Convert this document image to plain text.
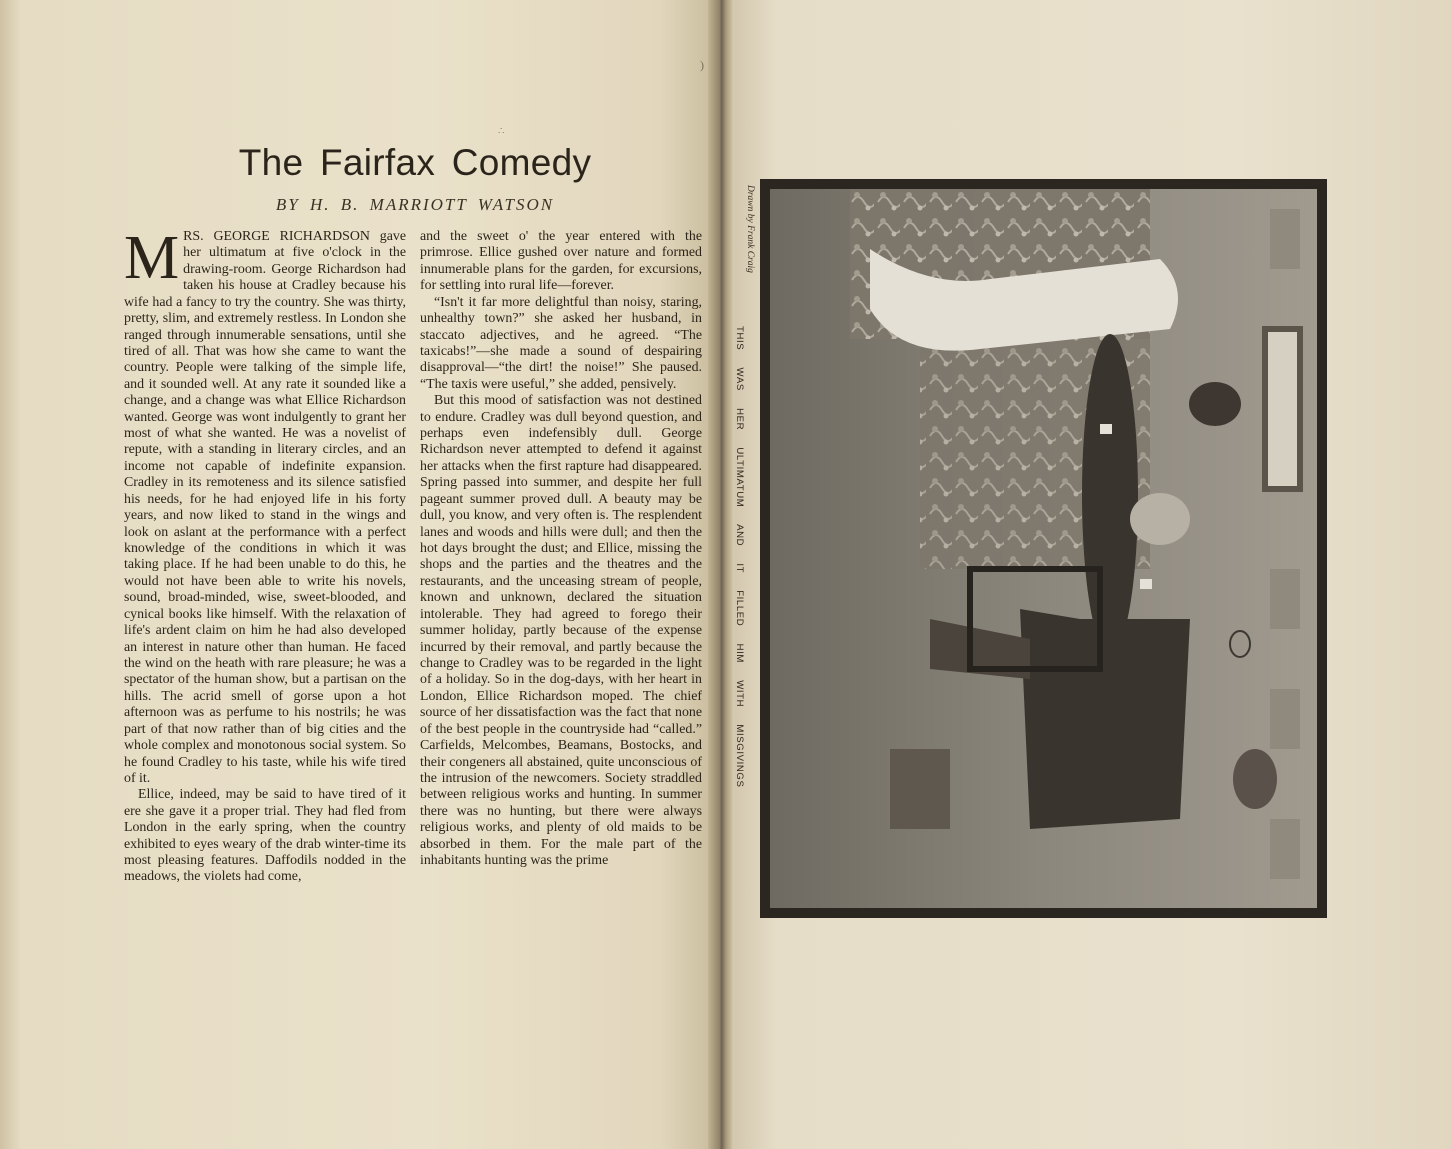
∴
The Fairfax Comedy
BY H. B. MARRIOTT WATSON

MRS. GEORGE RICHARDSON gave her ultimatum at five o'clock in the drawing-room. George Richardson had taken his house at Cradley because his wife had a fancy to try the country. She was thirty, pretty, slim, and extremely restless. In London she ranged through innumerable sensations, until she tired of all. That was how she came to want the country. People were talking of the simple life, and it sounded well. At any rate it sounded like a change, and a change was what Ellice Richardson wanted. George was wont indulgently to grant her most of what she wanted. He was a novelist of repute, with a standing in literary circles, and an income not capable of indefinite expansion. Cradley in its remoteness and its silence satisfied his needs, for he had enjoyed life in his forty years, and now liked to stand in the wings and look on aslant at the performance with a perfect knowledge of the conditions in which it was taking place. If he had been unable to do this, he would not have been able to write his novels, sound, broad-minded, wise, sweet-blooded, and cynical books like himself. With the relaxation of life's ardent claim on him he had also developed an interest in nature other than human. He faced the wind on the heath with rare pleasure; he was a spectator of the human show, but a partisan on the hills. The acrid smell of gorse upon a hot afternoon was as perfume to his nostrils; he was part of that now rather than of big cities and the whole complex and monotonous social system. So he found Cradley to his taste, while his wife tired of it.

Ellice, indeed, may be said to have tired of it ere she gave it a proper trial. They had fled from London in the early spring, when the country exhibited to eyes weary of the drab winter-time its most pleasing features. Daffodils nodded in the meadows, the violets had come,

and the sweet o' the year entered with the primrose. Ellice gushed over nature and formed innumerable plans for the garden, for excursions, for settling into rural life—forever.

“Isn't it far more delightful than noisy, staring, unhealthy town?” she asked her husband, in staccato adjectives, and he agreed. “The taxicabs!”—she made a sound of despairing disapproval—“the dirt! the noise!” She paused. “The taxis were useful,” she added, pensively.

But this mood of satisfaction was not destined to endure. Cradley was dull beyond question, and perhaps even indefensibly dull. George Richardson never attempted to defend it against her attacks when the first rapture had disappeared. Spring passed into summer, and despite her full pageant summer proved dull. A beauty may be dull, you know, and very often is. The resplendent lanes and woods and hills were dull; and then the hot days brought the dust; and Ellice, missing the shops and the parties and the theatres and the restaurants, and the unceasing stream of people, known and unknown, declared the situation intolerable. They had agreed to forego their summer holiday, partly because of the expense incurred by their removal, and partly because the change to Cradley was to be regarded in the light of a holiday. So in the dog-days, with her heart in London, Ellice Richardson moped. The chief source of her dissatisfaction was the fact that none of the best people in the countryside had “called.” Carfields, Melcombes, Beamans, Bostocks, and their congeners all abstained, quite unconscious of the intrusion of the newcomers. Society straddled between religious works and hunting. In summer there was no hunting, but there were always religious works, and plenty of old maids to be absorbed in them. For the male part of the inhabitants hunting was the prime

Drawn by Frank Craig
THIS WAS HER ULTIMATUM AND IT FILLED HIM WITH MISGIVINGS
)
